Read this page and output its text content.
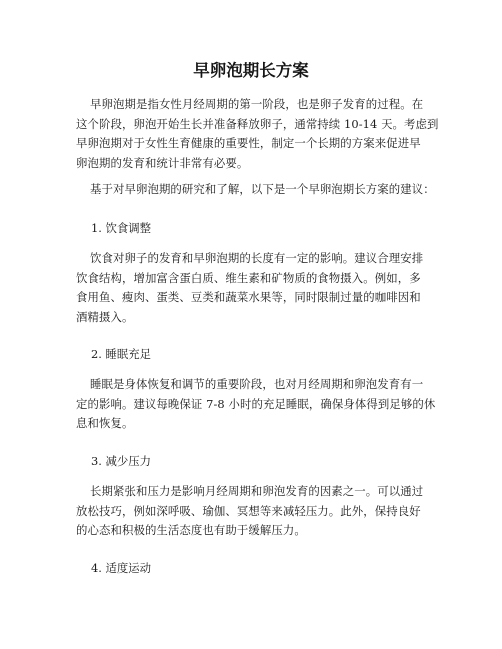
早卵泡期长方案
早卵泡期是指女性月经周期的第一阶段，也是卵子发育的过程。在
这个阶段，卵泡开始生长并准备释放卵子，通常持续 10-14 天。考虑到
早卵泡期对于女性生育健康的重要性，制定一个长期的方案来促进早
卵泡期的发育和统计非常有必要。
基于对早卵泡期的研究和了解，以下是一个早卵泡期长方案的建议：
1. 饮食调整
饮食对卵子的发育和早卵泡期的长度有一定的影响。建议合理安排
饮食结构，增加富含蛋白质、维生素和矿物质的食物摄入。例如，多
食用鱼、瘦肉、蛋类、豆类和蔬菜水果等，同时限制过量的咖啡因和
酒精摄入。
2. 睡眠充足
睡眠是身体恢复和调节的重要阶段，也对月经周期和卵泡发育有一
定的影响。建议每晚保证 7-8 小时的充足睡眠，确保身体得到足够的休
息和恢复。
3. 减少压力
长期紧张和压力是影响月经周期和卵泡发育的因素之一。可以通过
放松技巧，例如深呼吸、瑜伽、冥想等来减轻压力。此外，保持良好
的心态和积极的生活态度也有助于缓解压力。
4. 适度运动
